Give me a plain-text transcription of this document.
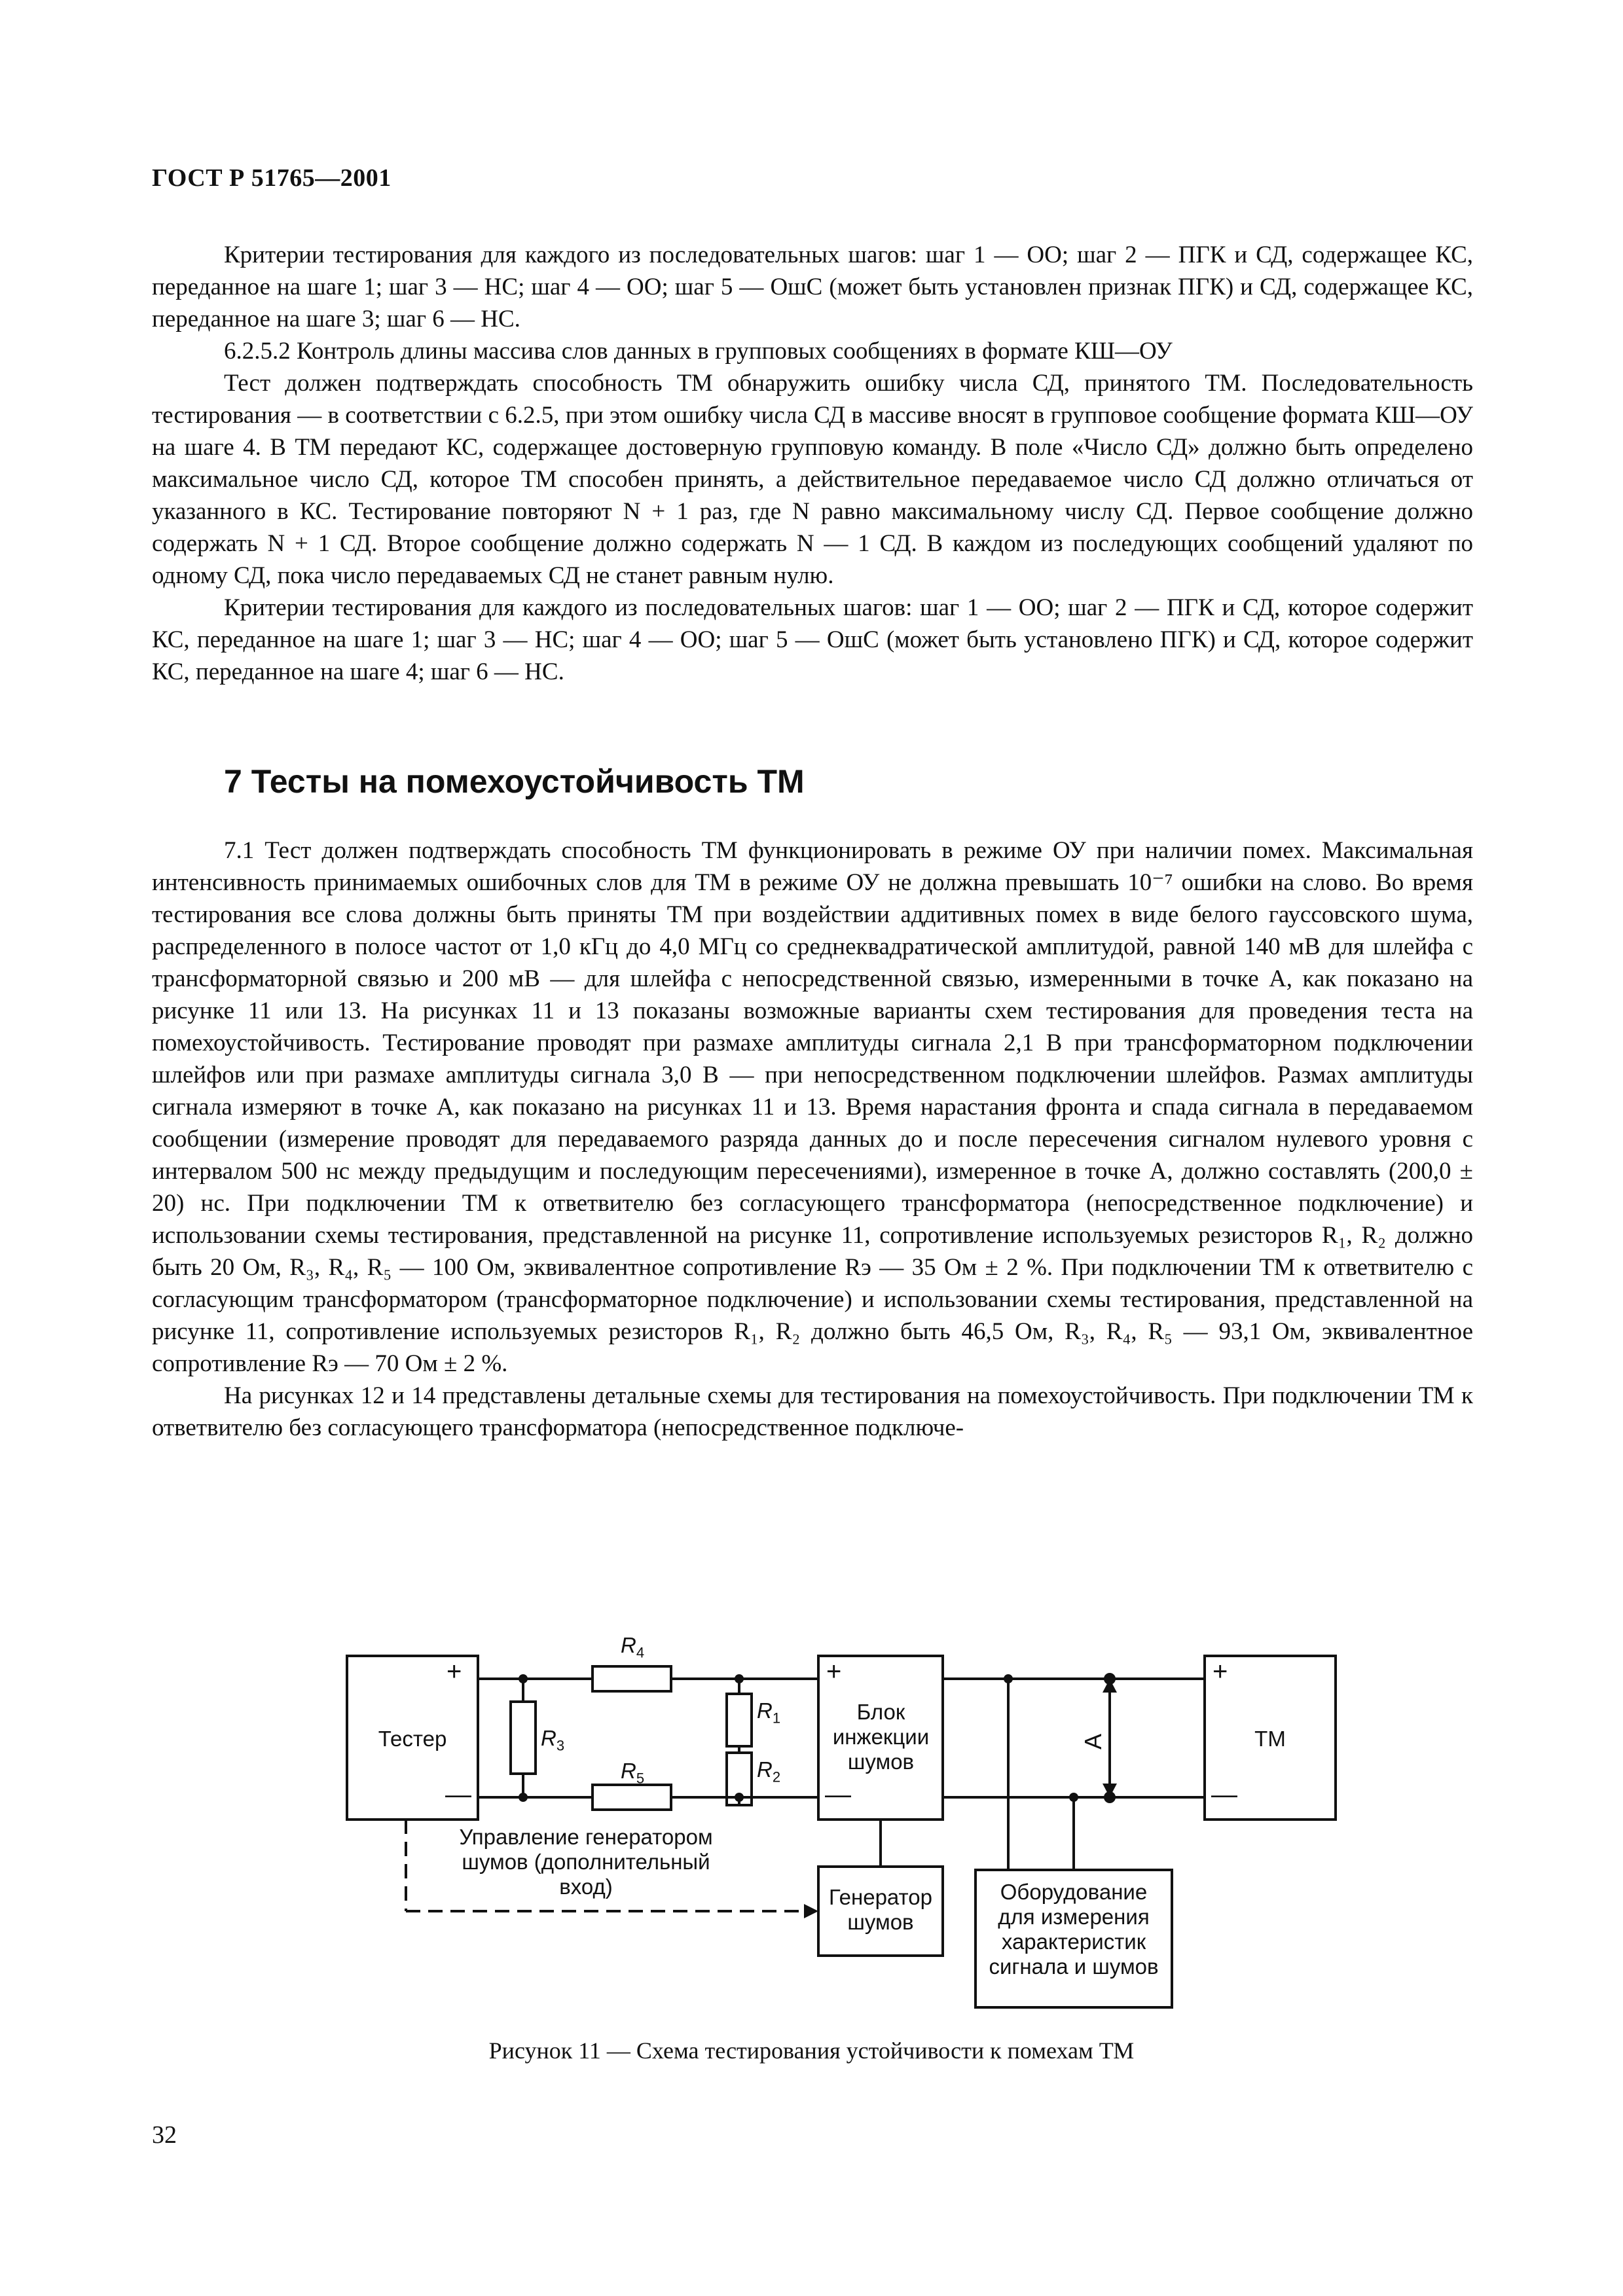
ГОСТ Р 51765—2001

Критерии тестирования для каждого из последовательных шагов: шаг 1 — ОО; шаг 2 — ПГК и СД, содержащее КС, переданное на шаге 1; шаг 3 — НС; шаг 4 — ОО; шаг 5 — ОшС (может быть установлен признак ПГК) и СД, содержащее КС, переданное на шаге 3; шаг 6 — НС.

6.2.5.2 Контроль длины массива слов данных в групповых сообщениях в формате КШ—ОУ

Тест должен подтверждать способность ТМ обнаружить ошибку числа СД, принятого ТМ. Последовательность тестирования — в соответствии с 6.2.5, при этом ошибку числа СД в массиве вносят в групповое сообщение формата КШ—ОУ на шаге 4. В ТМ передают КС, содержащее достоверную групповую команду. В поле «Число СД» должно быть определено максимальное число СД, которое ТМ способен принять, а действительное передаваемое число СД должно отличаться от указанного в КС. Тестирование повторяют N + 1 раз, где N равно максимальному числу СД. Первое сообщение должно содержать N + 1 СД. Второе сообщение должно содержать N — 1 СД. В каждом из последующих сообщений удаляют по одному СД, пока число передаваемых СД не станет равным нулю.

Критерии тестирования для каждого из последовательных шагов: шаг 1 — ОО; шаг 2 — ПГК и СД, которое содержит КС, переданное на шаге 1; шаг 3 — НС; шаг 4 — ОО; шаг 5 — ОшС (может быть установлено ПГК) и СД, которое содержит КС, переданное на шаге 4; шаг 6 — НС.

7 Тесты на помехоустойчивость ТМ

7.1 Тест должен подтверждать способность ТМ функционировать в режиме ОУ при наличии помех. Максимальная интенсивность принимаемых ошибочных слов для ТМ в режиме ОУ не должна превышать 10⁻⁷ ошибки на слово. Во время тестирования все слова должны быть приняты ТМ при воздействии аддитивных помех в виде белого гауссовского шума, распределенного в полосе частот от 1,0 кГц до 4,0 МГц со среднеквадратической амплитудой, равной 140 мВ для шлейфа с трансформаторной связью и 200 мВ — для шлейфа с непосредственной связью, измеренными в точке A, как показано на рисунке 11 или 13. На рисунках 11 и 13 показаны возможные варианты схем тестирования для проведения теста на помехоустойчивость. Тестирование проводят при размахе амплитуды сигнала 2,1 В при трансформаторном подключении шлейфов или при размахе амплитуды сигнала 3,0 В — при непосредственном подключении шлейфов. Размах амплитуды сигнала измеряют в точке A, как показано на рисунках 11 и 13. Время нарастания фронта и спада сигнала в передаваемом сообщении (измерение проводят для передаваемого разряда данных до и после пересечения сигналом нулевого уровня с интервалом 500 нс между предыдущим и последующим пересечениями), измеренное в точке A, должно составлять (200,0 ± 20) нс. При подключении ТМ к ответвителю без согласующего трансформатора (непосредственное подключение) и использовании схемы тестирования, представленной на рисунке 11, сопротивление используемых резисторов R₁, R₂ должно быть 20 Ом, R₃, R₄, R₅ — 100 Ом, эквивалентное сопротивление Rэ — 35 Ом ± 2 %. При подключении ТМ к ответвителю с согласующим трансформатором (трансформаторное подключение) и использовании схемы тестирования, представленной на рисунке 11, сопротивление используемых резисторов R₁, R₂ должно быть 46,5 Ом, R₃, R₄, R₅ — 93,1 Ом, эквивалентное сопротивление Rэ — 70 Ом ± 2 %.

На рисунках 12 и 14 представлены детальные схемы для тестирования на помехоустойчивость. При подключении ТМ к ответвителю без согласующего трансформатора (непосредственное подключе-

+
—
+
—
+
—
Тестер
Блок инжекции шумов
ТМ
Генератор шумов
Оборудование для измерения характеристик сигнала и шумов
Управление генератором шумов (дополнительный вход)
A
$R_3$
$R_4$
$R_5$
$R_1$
$R_2$
Рисунок 11 — Схема тестирования устойчивости к помехам ТМ
32
